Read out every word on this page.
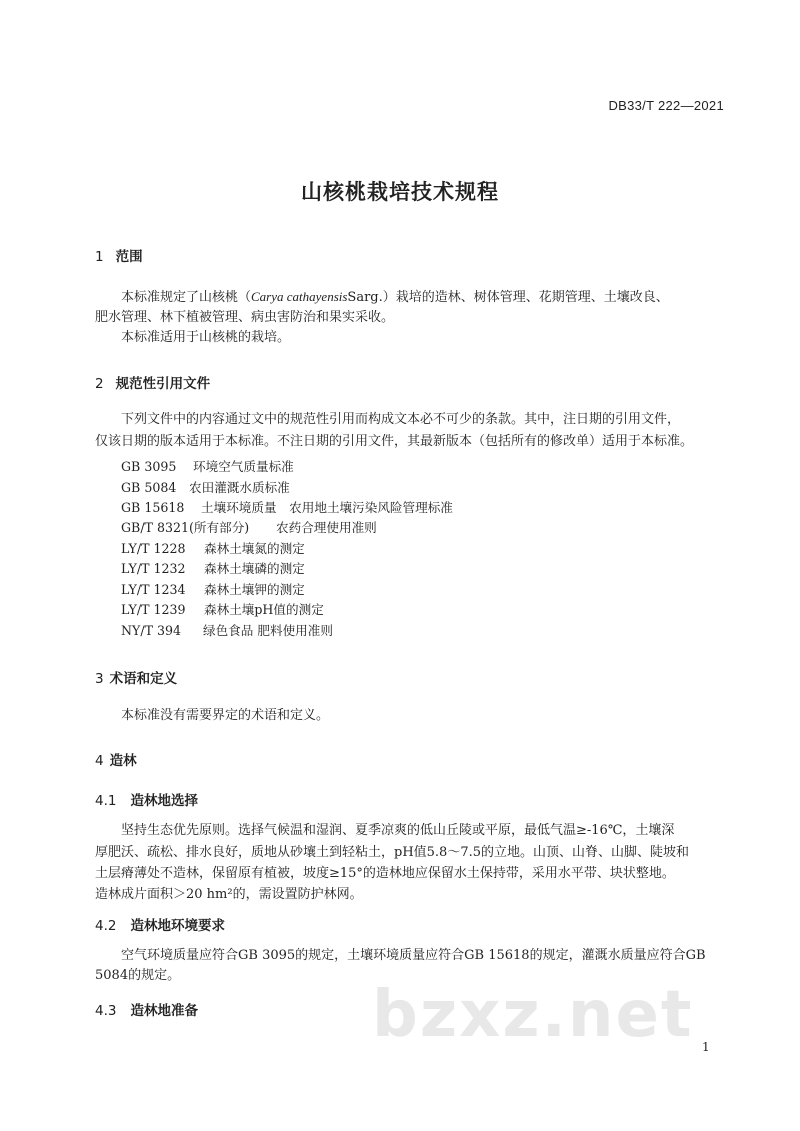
DB33/T 222—2021
山核桃栽培技术规程
1 范围
本标准规定了山核桃（Carya cathayensisSarg.）栽培的造林、树体管理、花期管理、土壤改良、
肥水管理、林下植被管理、病虫害防治和果实采收。
本标准适用于山核桃的栽培。
2 规范性引用文件
下列文件中的内容通过文中的规范性引用而构成文本必不可少的条款。其中，注日期的引用文件，
仅该日期的版本适用于本标准。不注日期的引用文件，其最新版本（包括所有的修改单）适用于本标准。
GB 3095 环境空气质量标准
GB 5084 农田灌溉水质标准
GB 15618 土壤环境质量　农用地土壤污染风险管理标准
GB/T 8321(所有部分) 农药合理使用准则
LY/T 1228 森林土壤氮的测定
LY/T 1232 森林土壤磷的测定
LY/T 1234 森林土壤钾的测定
LY/T 1239 森林土壤pH值的测定
NY/T 394 绿色食品 肥料使用准则
3 术语和定义
本标准没有需要界定的术语和定义。
4 造林
4.1 造林地选择
坚持生态优先原则。选择气候温和湿润、夏季凉爽的低山丘陵或平原，最低气温≥-16℃，土壤深
厚肥沃、疏松、排水良好，质地从砂壤土到轻粘土，pH值5.8～7.5的立地。山顶、山脊、山脚、陡坡和
土层瘠薄处不造林，保留原有植被，坡度≥15°的造林地应保留水土保持带，采用水平带、块状整地。
造林成片面积＞20 hm²的，需设置防护林网。
4.2 造林地环境要求
空气环境质量应符合GB 3095的规定，土壤环境质量应符合GB 15618的规定，灌溉水质量应符合GB
5084的规定。
4.3 造林地准备	bzxz.net 1
